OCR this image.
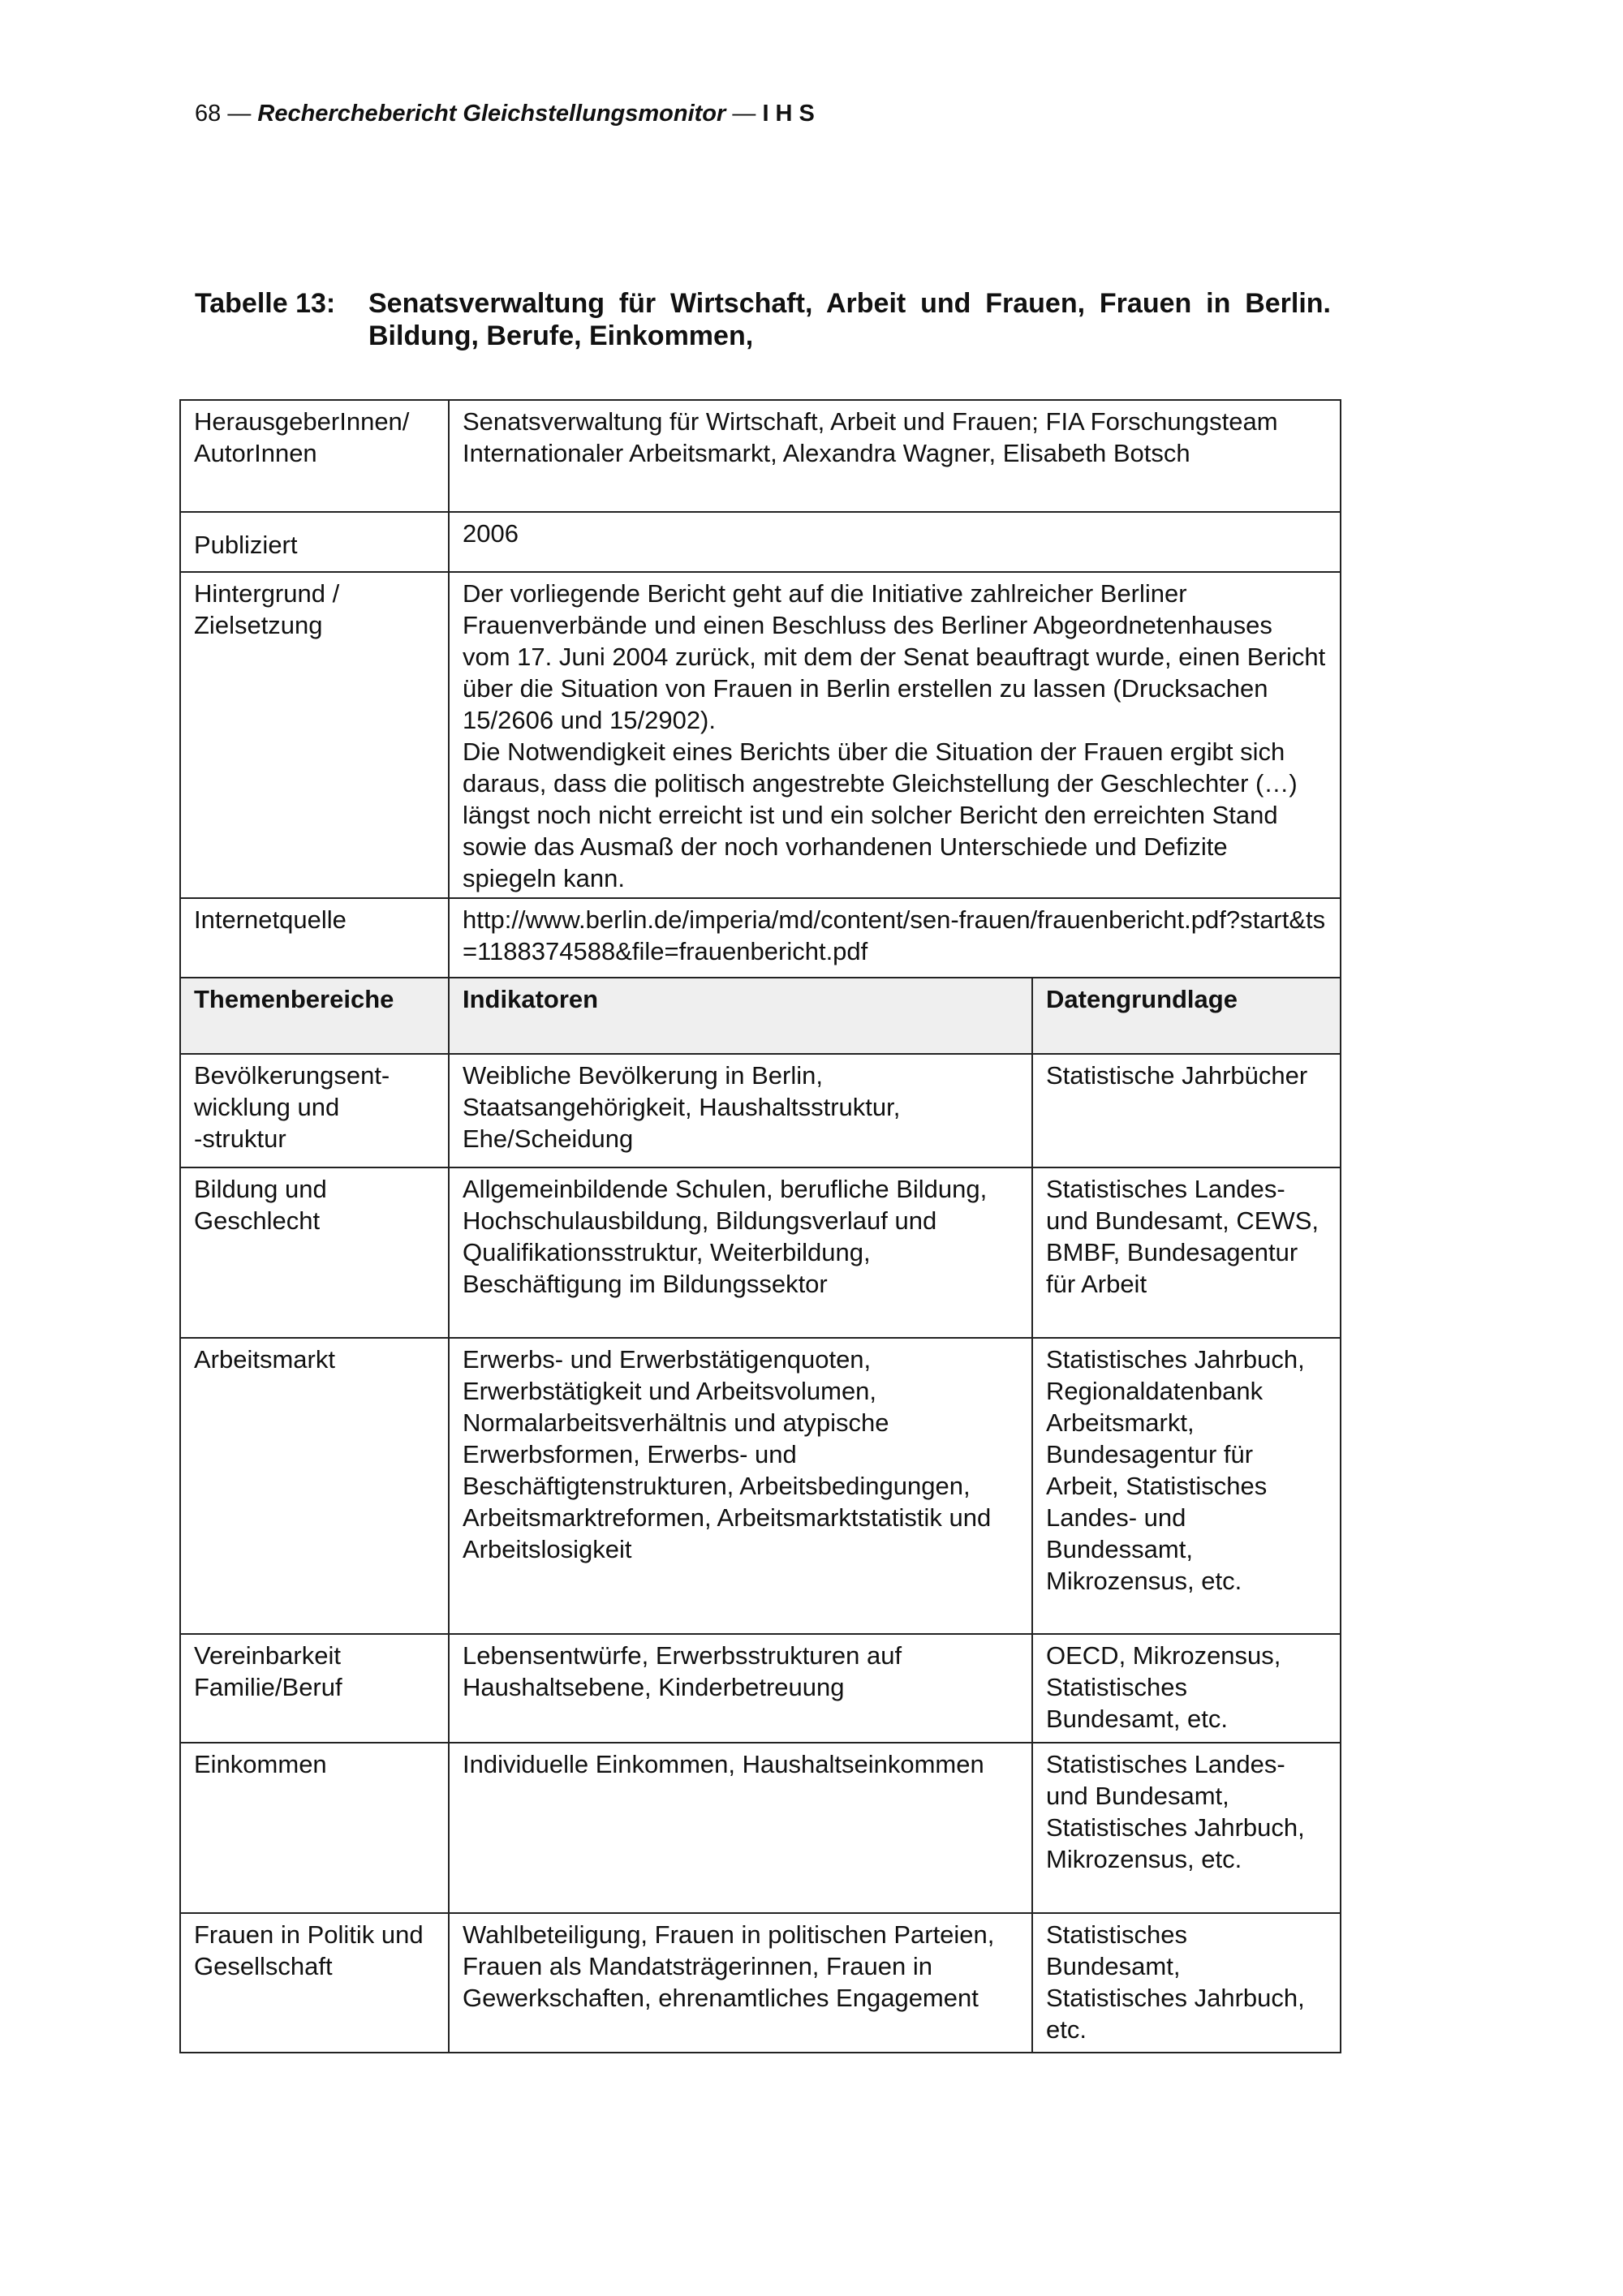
68 — Recherchebericht Gleichstellungsmonitor — I H S
Tabelle 13: Senatsverwaltung für Wirtschaft, Arbeit und Frauen, Frauen in Berlin. Bildung, Berufe, Einkommen,
HerausgeberInnen/ AutorInnen	Senatsverwaltung für Wirtschaft, Arbeit und Frauen; FIA Forschungsteam Internationaler Arbeitsmarkt, Alexandra Wagner, Elisabeth Botsch	
Publiziert	2006	
Hintergrund / Zielsetzung	Der vorliegende Bericht geht auf die Initiative zahlreicher Berliner Frauenverbände und einen Beschluss des Berliner Abgeordnetenhauses vom 17. Juni 2004 zurück, mit dem der Senat beauftragt wurde, einen Bericht über die Situation von Frauen in Berlin erstellen zu lassen (Drucksachen 15/2606 und 15/2902).
Die Notwendigkeit eines Berichts über die Situation der Frauen ergibt sich daraus, dass die politisch angestrebte Gleichstellung der Geschlechter (…) längst noch nicht erreicht ist und ein solcher Bericht den erreichten Stand sowie das Ausmaß der noch vorhandenen Unterschiede und Defizite spiegeln kann.	
Internetquelle	http://www.berlin.de/imperia/md/content/sen-frauen/frauenbericht.pdf?start&ts=1188374588&file=frauenbericht.pdf	
Themenbereiche	Indikatoren	Datengrundlage
Bevölkerungsent-
wicklung und
-struktur	Weibliche Bevölkerung in Berlin, Staatsangehörigkeit, Haushaltsstruktur, Ehe/Scheidung	Statistische Jahrbücher
Bildung und Geschlecht	Allgemeinbildende Schulen, berufliche Bildung, Hochschulausbildung, Bildungsverlauf und Qualifikationsstruktur, Weiterbildung, Beschäftigung im Bildungssektor	Statistisches Landes- und Bundesamt, CEWS, BMBF, Bundesagentur für Arbeit
Arbeitsmarkt	Erwerbs- und Erwerbstätigenquoten, Erwerbstätigkeit und Arbeitsvolumen, Normalarbeitsverhältnis und atypische Erwerbsformen, Erwerbs- und Beschäftigtenstrukturen, Arbeitsbedingungen, Arbeitsmarktreformen, Arbeitsmarktstatistik und Arbeitslosigkeit	Statistisches Jahrbuch, Regionaldatenbank Arbeitsmarkt, Bundesagentur für Arbeit, Statistisches Landes- und Bundessamt, Mikrozensus, etc.
Vereinbarkeit Familie/Beruf	Lebensentwürfe, Erwerbsstrukturen auf Haushaltsebene, Kinderbetreuung	OECD, Mikrozensus, Statistisches Bundesamt, etc.
Einkommen	Individuelle Einkommen, Haushaltseinkommen	Statistisches Landes- und Bundesamt, Statistisches Jahrbuch, Mikrozensus, etc.
Frauen in Politik und Gesellschaft	Wahlbeteiligung, Frauen in politischen Parteien, Frauen als Mandatsträgerinnen, Frauen in Gewerkschaften, ehrenamtliches Engagement	Statistisches Bundesamt, Statistisches Jahrbuch, etc.
